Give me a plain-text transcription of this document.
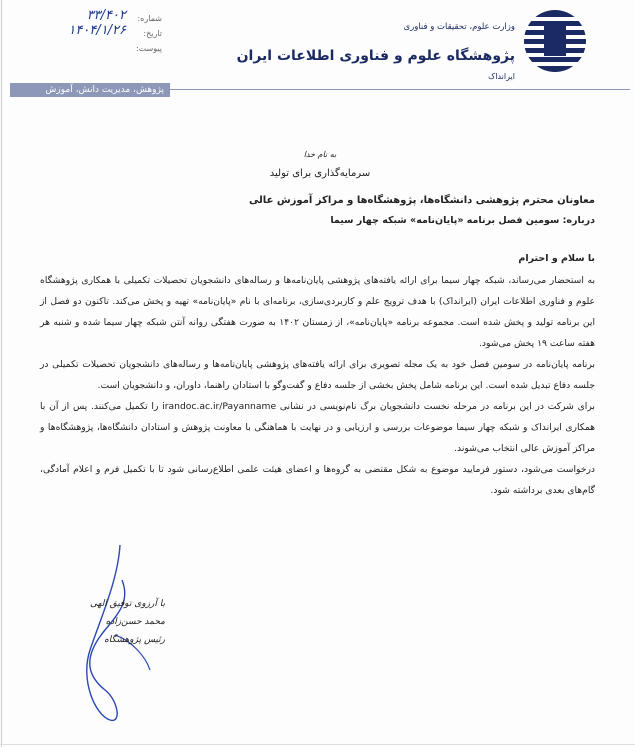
وزارت علوم، تحقیقات و فناوری
پژوهشگاه علوم و فناوری اطلاعات ایران
ایرانداک
شماره:
۳۳/۴۰۲
تاریخ:
۱۴۰۴/۱/۲۶
پیوست:
پژوهش، مدیریت دانش، آموزش
به نام خدا
سرمایه‌گذاری برای تولید
معاونان محترم پژوهشی دانشگاه‌ها، پژوهشگاه‌ها و مراکز آموزش عالی
درباره: سومین فصل برنامه «پایان‌نامه» شبکه چهار سیما
با سلام و احترام

به استحضار می‌رساند، شبکه چهار سیما برای ارائه یافته‌های پژوهشی پایان‌نامه‌ها و رساله‌های دانشجویان تحصیلات تکمیلی با همکاری پژوهشگاه علوم و فناوری اطلاعات ایران (ایرانداک) با هدف ترویج علم و کاربردی‌سازی، برنامه‌ای با نام «پایان‌نامه» تهیه و پخش می‌کند. تاکنون دو فصل از این برنامه تولید و پخش شده است. مجموعه برنامه «پایان‌نامه»، از زمستان ۱۴۰۲ به صورت هفتگی روانه آنتن شبکه چهار سیما شده و شنبه هر هفته ساعت ۱۹ پخش می‌شود.

برنامه پایان‌نامه در سومین فصل خود به یک مجله تصویری برای ارائه یافته‌های پژوهشی پایان‌نامه‌ها و رساله‌های دانشجویان تحصیلات تکمیلی در جلسه دفاع تبدیل شده است. این برنامه شامل پخش بخشی از جلسه دفاع و گفت‌وگو با استادان راهنما، داوران، و دانشجویان است.

برای شرکت در این برنامه در مرحله نخست دانشجویان برگ نام‌نویسی در نشانی irandoc.ac.ir/Payanname را تکمیل می‌کنند. پس از آن با همکاری ایرانداک و شبکه چهار سیما موضوعات بررسی و ارزیابی و در نهایت با هماهنگی با معاونت پژوهش و استادان دانشگاه‌ها، پژوهشگاه‌ها و مراکز آموزش عالی انتخاب می‌شوند.

درخواست می‌شود، دستور فرمایید موضوع به شکل مقتضی به گروه‌ها و اعضای هیئت علمی اطلاع‌رسانی شود تا با تکمیل فرم و اعلام آمادگی، گام‌های بعدی برداشته شود.

با آرزوی توفیق الهی
محمد حسن‌زاده
رئیس پژوهشگاه
